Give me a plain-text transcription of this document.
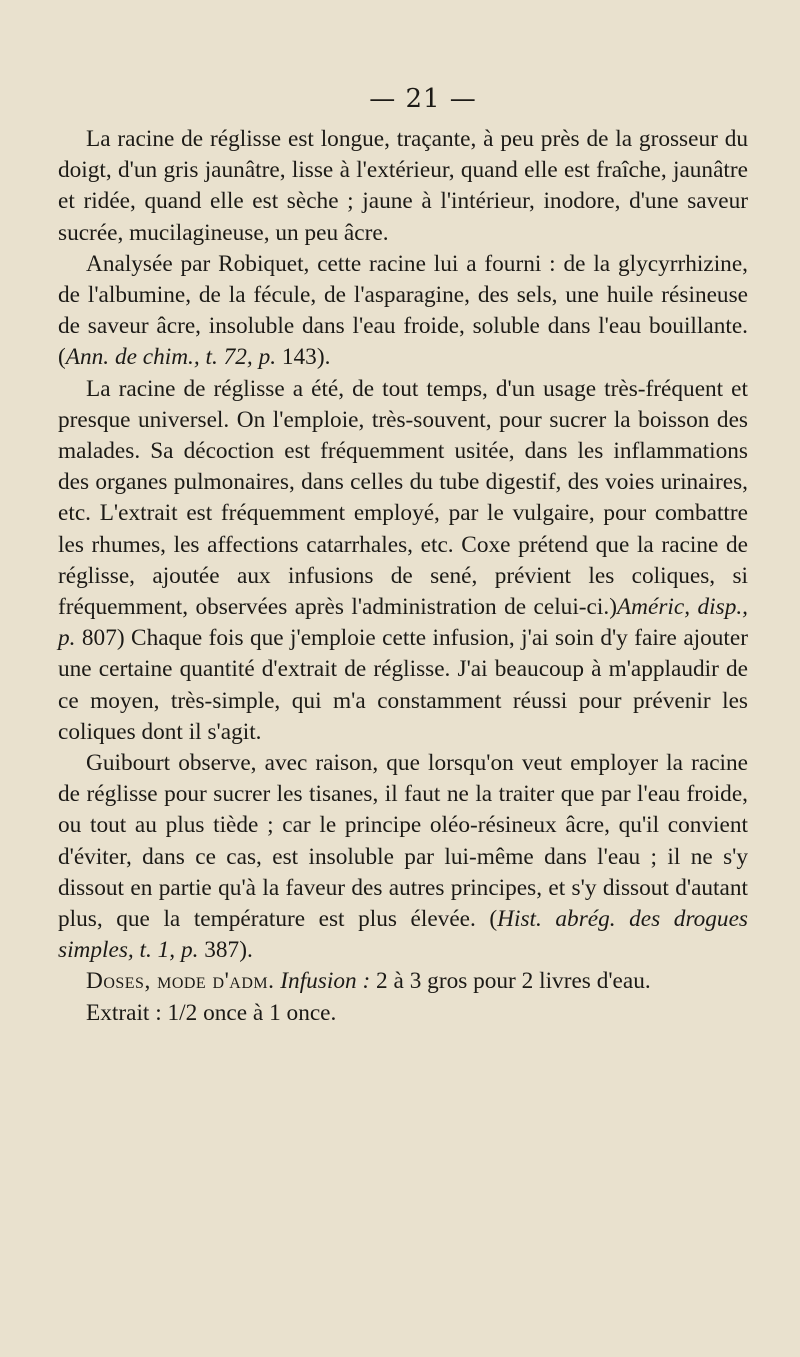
— 21 —

La racine de réglisse est longue, traçante, à peu près de la grosseur du doigt, d'un gris jaunâtre, lisse à l'extérieur, quand elle est fraîche, jaunâtre et ridée, quand elle est sèche ; jaune à l'intérieur, inodore, d'une saveur sucrée, mucilagineuse, un peu âcre.

Analysée par Robiquet, cette racine lui a fourni : de la glycyrrhizine, de l'albumine, de la fécule, de l'asparagine, des sels, une huile résineuse de saveur âcre, insoluble dans l'eau froide, soluble dans l'eau bouillante. (Ann. de chim., t. 72, p. 143).

La racine de réglisse a été, de tout temps, d'un usage très-fréquent et presque universel. On l'emploie, très-souvent, pour sucrer la boisson des malades. Sa décoction est fréquemment usitée, dans les inflammations des organes pulmonaires, dans celles du tube digestif, des voies urinaires, etc. L'extrait est fréquemment employé, par le vulgaire, pour combattre les rhumes, les affections catarrhales, etc. Coxe prétend que la racine de réglisse, ajoutée aux infusions de sené, prévient les coliques, si fréquemment, observées après l'administration de celui-ci.)Améric, disp., p. 807) Chaque fois que j'emploie cette infusion, j'ai soin d'y faire ajouter une certaine quantité d'extrait de réglisse. J'ai beaucoup à m'applaudir de ce moyen, très-simple, qui m'a constamment réussi pour prévenir les coliques dont il s'agit.

Guibourt observe, avec raison, que lorsqu'on veut employer la racine de réglisse pour sucrer les tisanes, il faut ne la traiter que par l'eau froide, ou tout au plus tiède ; car le principe oléo-résineux âcre, qu'il convient d'éviter, dans ce cas, est insoluble par lui-même dans l'eau ; il ne s'y dissout en partie qu'à la faveur des autres principes, et s'y dissout d'autant plus, que la température est plus élevée. (Hist. abrég. des drogues simples, t. 1, p. 387).

Doses, mode d'adm. Infusion : 2 à 3 gros pour 2 livres d'eau.

Extrait : 1/2 once à 1 once.
